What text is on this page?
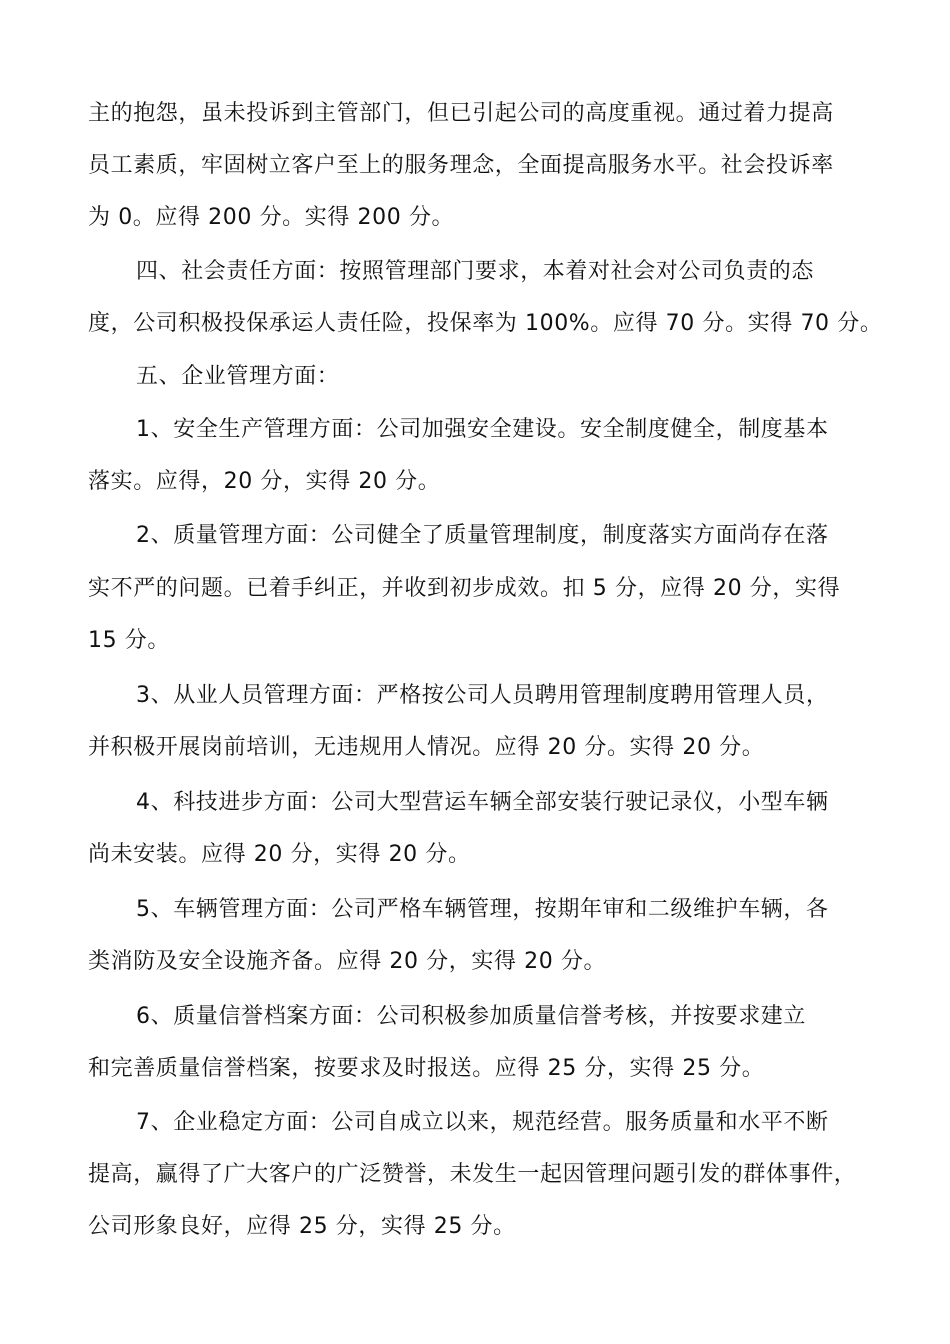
主的抱怨，虽未投诉到主管部门，但已引起公司的高度重视。通过着力提高
员工素质，牢固树立客户至上的服务理念，全面提高服务水平。社会投诉率
为 0。应得 200 分。实得 200 分。
四、社会责任方面：按照管理部门要求，本着对社会对公司负责的态
度，公司积极投保承运人责任险，投保率为 100%。应得 70 分。实得 70 分。
五、企业管理方面：
1、安全生产管理方面：公司加强安全建设。安全制度健全，制度基本
落实。应得，20 分，实得 20 分。
2、质量管理方面：公司健全了质量管理制度，制度落实方面尚存在落
实不严的问题。已着手纠正，并收到初步成效。扣 5 分，应得 20 分，实得
15 分。
3、从业人员管理方面：严格按公司人员聘用管理制度聘用管理人员，
并积极开展岗前培训，无违规用人情况。应得 20 分。实得 20 分。
4、科技进步方面：公司大型营运车辆全部安装行驶记录仪，小型车辆
尚未安装。应得 20 分，实得 20 分。
5、车辆管理方面：公司严格车辆管理，按期年审和二级维护车辆，各
类消防及安全设施齐备。应得 20 分，实得 20 分。
6、质量信誉档案方面：公司积极参加质量信誉考核，并按要求建立
和完善质量信誉档案，按要求及时报送。应得 25 分，实得 25 分。
7、企业稳定方面：公司自成立以来，规范经营。服务质量和水平不断
提高，赢得了广大客户的广泛赞誉，未发生一起因管理问题引发的群体事件，
公司形象良好，应得 25 分，实得 25 分。
